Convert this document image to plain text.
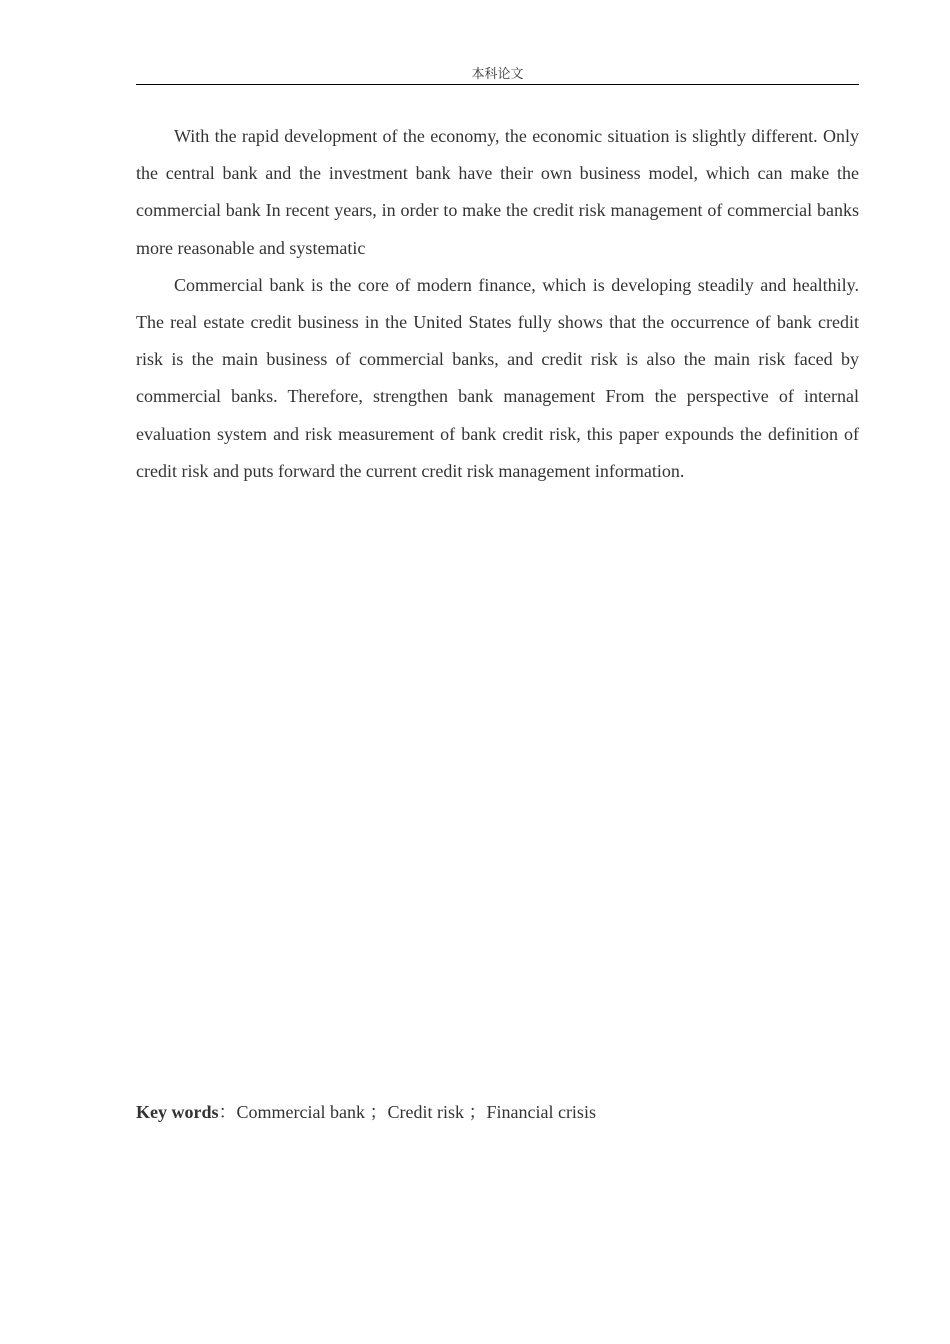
本科论文

With the rapid development of the economy, the economic situation is slightly different. Only the central bank and the investment bank have their own business model, which can make the commercial bank In recent years, in order to make the credit risk management of commercial banks more reasonable and systematic

Commercial bank is the core of modern finance, which is developing steadily and healthily. The real estate credit business in the United States fully shows that the occurrence of bank credit risk is the main business of commercial banks, and credit risk is also the main risk faced by commercial banks. Therefore, strengthen bank management From the perspective of internal evaluation system and risk measurement of bank credit risk, this paper expounds the definition of credit risk and puts forward the current credit risk management information.

Key words：Commercial bank ；Credit risk ；Financial crisis
